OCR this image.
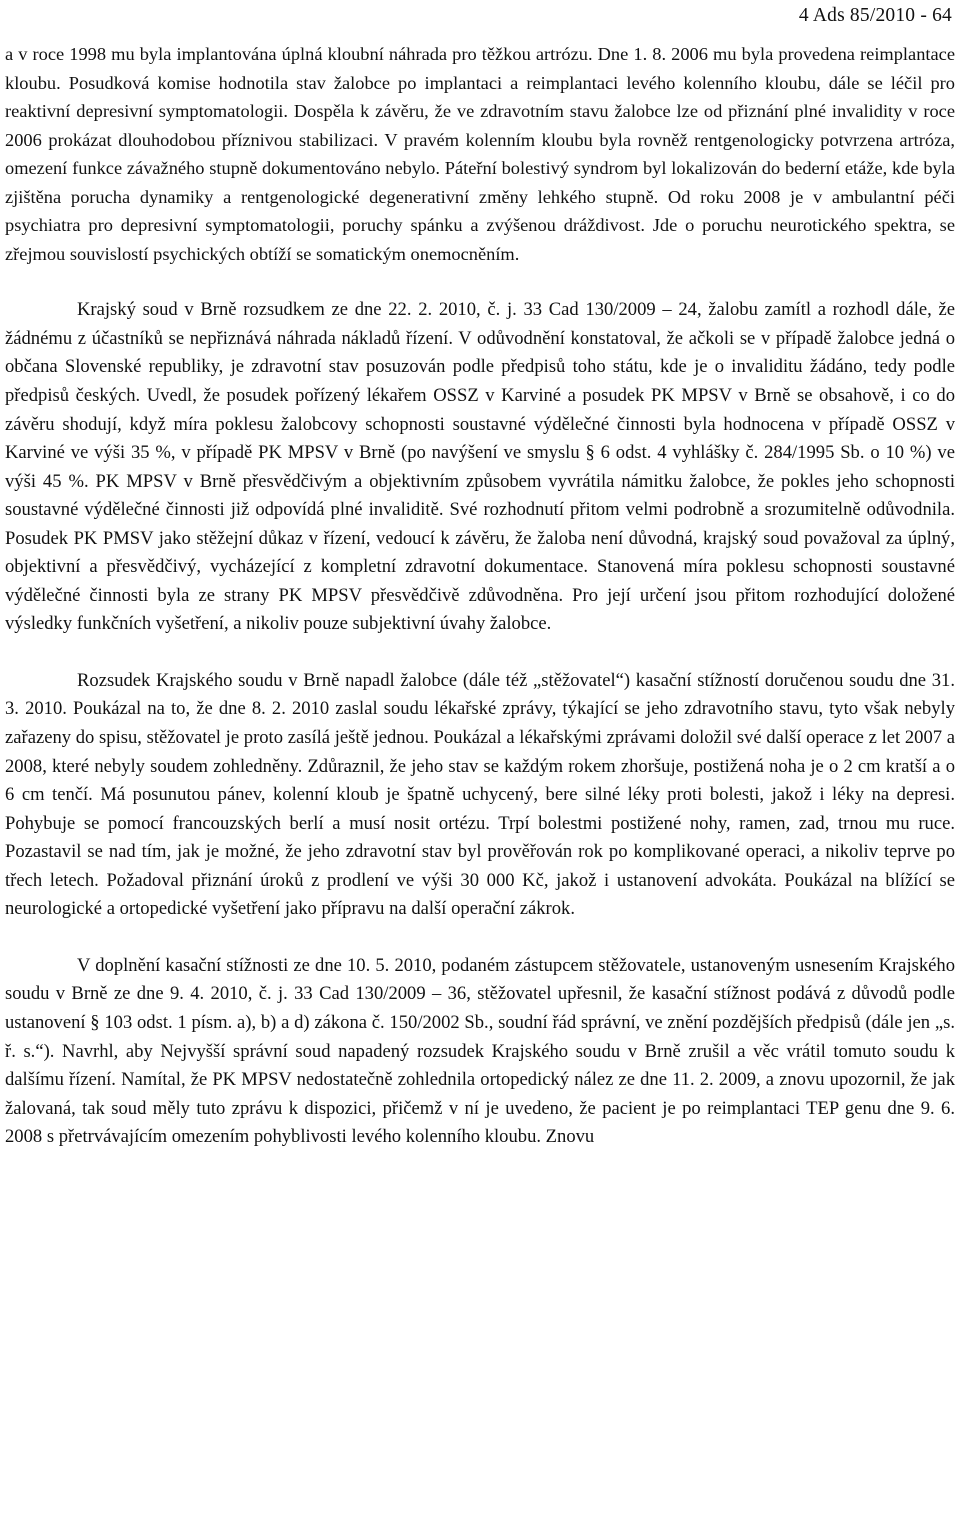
4 Ads 85/2010 - 64

a v roce 1998 mu byla implantována úplná kloubní náhrada pro těžkou artrózu. Dne 1. 8. 2006 mu byla provedena reimplantace kloubu. Posudková komise hodnotila stav žalobce po implantaci a reimplantaci levého kolenního kloubu, dále se léčil pro reaktivní depresivní symptomatologii. Dospěla k závěru, že ve zdravotním stavu žalobce lze od přiznání plné invalidity v roce 2006 prokázat dlouhodobou příznivou stabilizaci. V pravém kolenním kloubu byla rovněž rentgenologicky potvrzena artróza, omezení funkce závažného stupně dokumentováno nebylo. Páteřní bolestivý syndrom byl lokalizován do bederní etáže, kde byla zjištěna porucha dynamiky a rentgenologické degenerativní změny lehkého stupně. Od roku 2008 je v ambulantní péči psychiatra pro depresivní symptomatologii, poruchy spánku a zvýšenou dráždivost. Jde o poruchu neurotického spektra, se zřejmou souvislostí psychických obtíží se somatickým onemocněním.

Krajský soud v Brně rozsudkem ze dne 22. 2. 2010, č. j. 33 Cad 130/2009 – 24, žalobu zamítl a rozhodl dále, že žádnému z účastníků se nepřiznává náhrada nákladů řízení. V odůvodnění konstatoval, že ačkoli se v případě žalobce jedná o občana Slovenské republiky, je zdravotní stav posuzován podle předpisů toho státu, kde je o invaliditu žádáno, tedy podle předpisů českých. Uvedl, že posudek pořízený lékařem OSSZ v Karviné a posudek PK MPSV v Brně se obsahově, i co do závěru shodují, když míra poklesu žalobcovy schopnosti soustavné výdělečné činnosti byla hodnocena v případě OSSZ v Karviné ve výši 35 %, v případě PK MPSV v Brně (po navýšení ve smyslu § 6 odst. 4 vyhlášky č. 284/1995 Sb. o 10 %) ve výši 45 %. PK MPSV v Brně přesvědčivým a objektivním způsobem vyvrátila námitku žalobce, že pokles jeho schopnosti soustavné výdělečné činnosti již odpovídá plné invaliditě. Své rozhodnutí přitom velmi podrobně a srozumitelně odůvodnila. Posudek PK PMSV jako stěžejní důkaz v řízení, vedoucí k závěru, že žaloba není důvodná, krajský soud považoval za úplný, objektivní a přesvědčivý, vycházející z kompletní zdravotní dokumentace. Stanovená míra poklesu schopnosti soustavné výdělečné činnosti byla ze strany PK MPSV přesvědčivě zdůvodněna. Pro její určení jsou přitom rozhodující doložené výsledky funkčních vyšetření, a nikoliv pouze subjektivní úvahy žalobce.

Rozsudek Krajského soudu v Brně napadl žalobce (dále též „stěžovatel“) kasační stížností doručenou soudu dne 31. 3. 2010. Poukázal na to, že dne 8. 2. 2010 zaslal soudu lékařské zprávy, týkající se jeho zdravotního stavu, tyto však nebyly zařazeny do spisu, stěžovatel je proto zasílá ještě jednou. Poukázal a lékařskými zprávami doložil své další operace z let 2007 a 2008, které nebyly soudem zohledněny. Zdůraznil, že jeho stav se každým rokem zhoršuje, postižená noha je o 2 cm kratší a o 6 cm tenčí. Má posunutou pánev, kolenní kloub je špatně uchycený, bere silné léky proti bolesti, jakož i léky na depresi. Pohybuje se pomocí francouzských berlí a musí nosit ortézu. Trpí bolestmi postižené nohy, ramen, zad, trnou mu ruce. Pozastavil se nad tím, jak je možné, že jeho zdravotní stav byl prověřován rok po komplikované operaci, a nikoliv teprve po třech letech. Požadoval přiznání úroků z prodlení ve výši 30 000 Kč, jakož i ustanovení advokáta. Poukázal na blížící se neurologické a ortopedické vyšetření jako přípravu na další operační zákrok.

V doplnění kasační stížnosti ze dne 10. 5. 2010, podaném zástupcem stěžovatele, ustanoveným usnesením Krajského soudu v Brně ze dne 9. 4. 2010, č. j. 33 Cad 130/2009 – 36, stěžovatel upřesnil, že kasační stížnost podává z důvodů podle ustanovení § 103 odst. 1 písm. a), b) a d) zákona č. 150/2002 Sb., soudní řád správní, ve znění pozdějších předpisů (dále jen „s. ř. s.“). Navrhl, aby Nejvyšší správní soud napadený rozsudek Krajského soudu v Brně zrušil a věc vrátil tomuto soudu k dalšímu řízení. Namítal, že PK MPSV nedostatečně zohlednila ortopedický nález ze dne 11. 2. 2009, a znovu upozornil, že jak žalovaná, tak soud měly tuto zprávu k dispozici, přičemž v ní je uvedeno, že pacient je po reimplantaci TEP genu dne 9. 6. 2008 s přetrvávajícím omezením pohyblivosti levého kolenního kloubu. Znovu
